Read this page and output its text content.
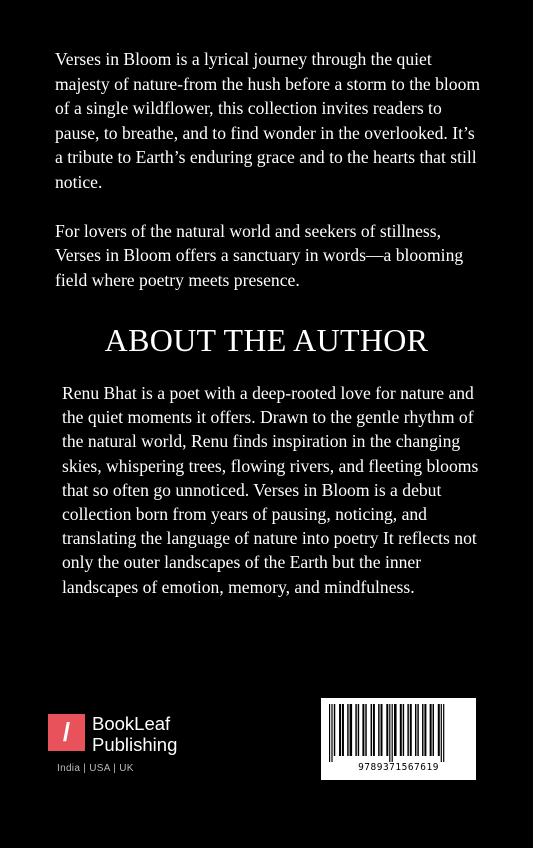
Verses in Bloom is a lyrical journey through the quiet majesty of nature-from the hush before a storm to the bloom of a single wildflower, this collection invites readers to pause, to breathe, and to find wonder in the overlooked. It’s a tribute to Earth’s enduring grace and to the hearts that still notice.

For lovers of the natural world and seekers of stillness, Verses in Bloom offers a sanctuary in words—a blooming field where poetry meets presence.

ABOUT THE AUTHOR

Renu Bhat is a poet with a deep-rooted love for nature and the quiet moments it offers. Drawn to the gentle rhythm of the natural world, Renu finds inspiration in the changing skies, whispering trees, flowing rivers, and fleeting blooms that so often go unnoticed. Verses in Bloom is a debut collection born from years of pausing, noticing, and translating the language of nature into poetry It reflects not only the outer landscapes of the Earth but the inner landscapes of emotion, memory, and mindfulness.

/	BookLeaf
Publishing
India | USA | UK	9789371567619
